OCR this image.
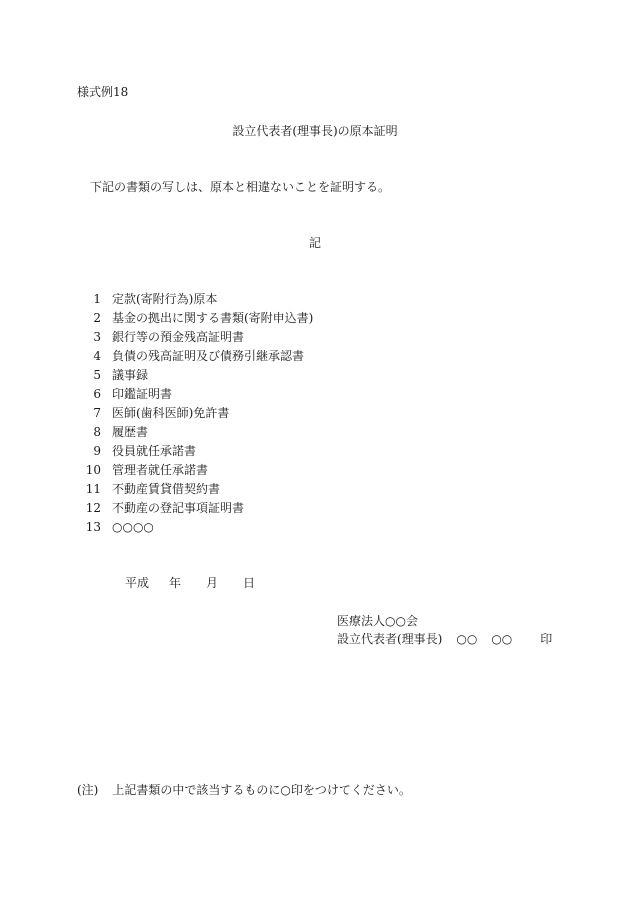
様式例18
設立代表者(理事長)の原本証明
下記の書類の写しは、原本と相違ないことを証明する。
記
1 定款(寄附行為)原本
2 基金の拠出に関する書類(寄附申込書)
3 銀行等の預金残高証明書
4 負債の残高証明及び債務引継承認書
5 議事録
6 印鑑証明書
7 医師(歯科医師)免許書
8 履歴書
9 役員就任承諾書
10 管理者就任承諾書
11 不動産賃貸借契約書
12 不動産の登記事項証明書
13 ○○○○
平成 年 月 日
医療法人○○会
設立代表者(理事長) ○○ ○○ 印
(注) 上記書類の中で該当するものに○印をつけてください。
